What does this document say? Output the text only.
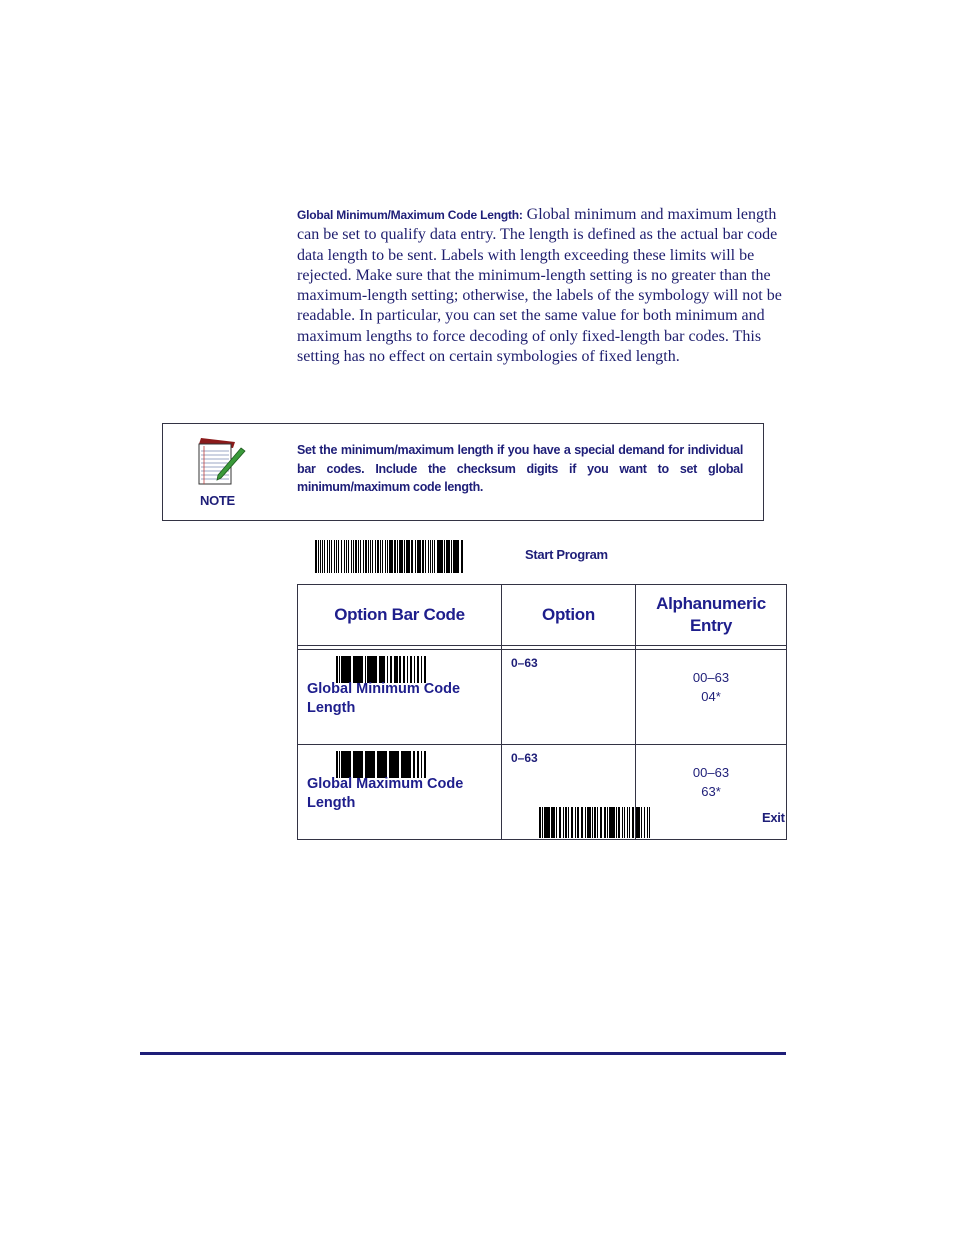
Global Minimum/Maximum Code Length: Global minimum and maximum length can be set to qualify data entry. The length is defined as the actual bar code data length to be sent. Labels with length exceeding these limits will be rejected. Make sure that the minimum-length setting is no greater than the maximum-length setting; otherwise, the labels of the symbology will not be readable. In particular, you can set the same value for both minimum and maximum lengths to force decoding of only fixed-length bar codes. This setting has no effect on certain symbologies of fixed length.

NOTE

Set the minimum/maximum length if you have a special demand for individual bar codes. Include the checksum digits if you want to set global minimum/maximum code length.

Start Program
Option Bar Code	Option	Alphanumeric Entry

Global Minimum Code Length	0–63	00–63
04*

Global Maximum Code Length	0–63	00–63
63*
Exit
